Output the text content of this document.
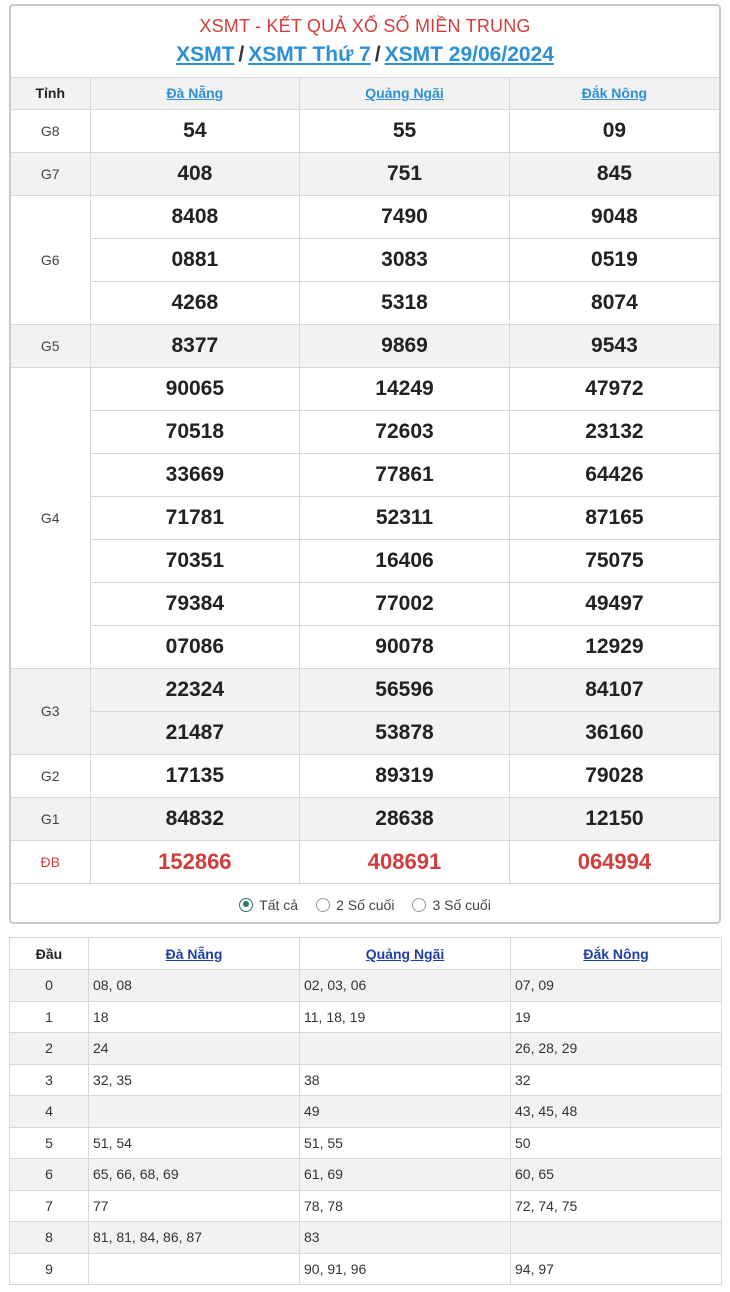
XSMT - KẾT QUẢ XỔ SỐ MIỀN TRUNG
XSMT / XSMT Thứ 7 / XSMT 29/06/2024
Tỉnh	Đà Nẵng	Quảng Ngãi	Đắk Nông
G8	54	55	09
G7	408	751	845
G6	8408	7490	9048
	0881	3083	0519
	4268	5318	8074
G5	8377	9869	9543
G4	90065	14249	47972
	70518	72603	23132
	33669	77861	64426
	71781	52311	87165
	70351	16406	75075
	79384	77002	49497
	07086	90078	12929
G3	22324	56596	84107
	21487	53878	36160
G2	17135	89319	79028
G1	84832	28638	12150
ĐB	152866	408691	064994
Tất cả	2 Số cuối	3 Số cuối
Đầu	Đà Nẵng	Quảng Ngãi	Đắk Nông
0	08, 08	02, 03, 06	07, 09
1	18	11, 18, 19	19
2	24		26, 28, 29
3	32, 35	38	32
4		49	43, 45, 48
5	51, 54	51, 55	50
6	65, 66, 68, 69	61, 69	60, 65
7	77	78, 78	72, 74, 75
8	81, 81, 84, 86, 87	83	
9		90, 91, 96	94, 97
